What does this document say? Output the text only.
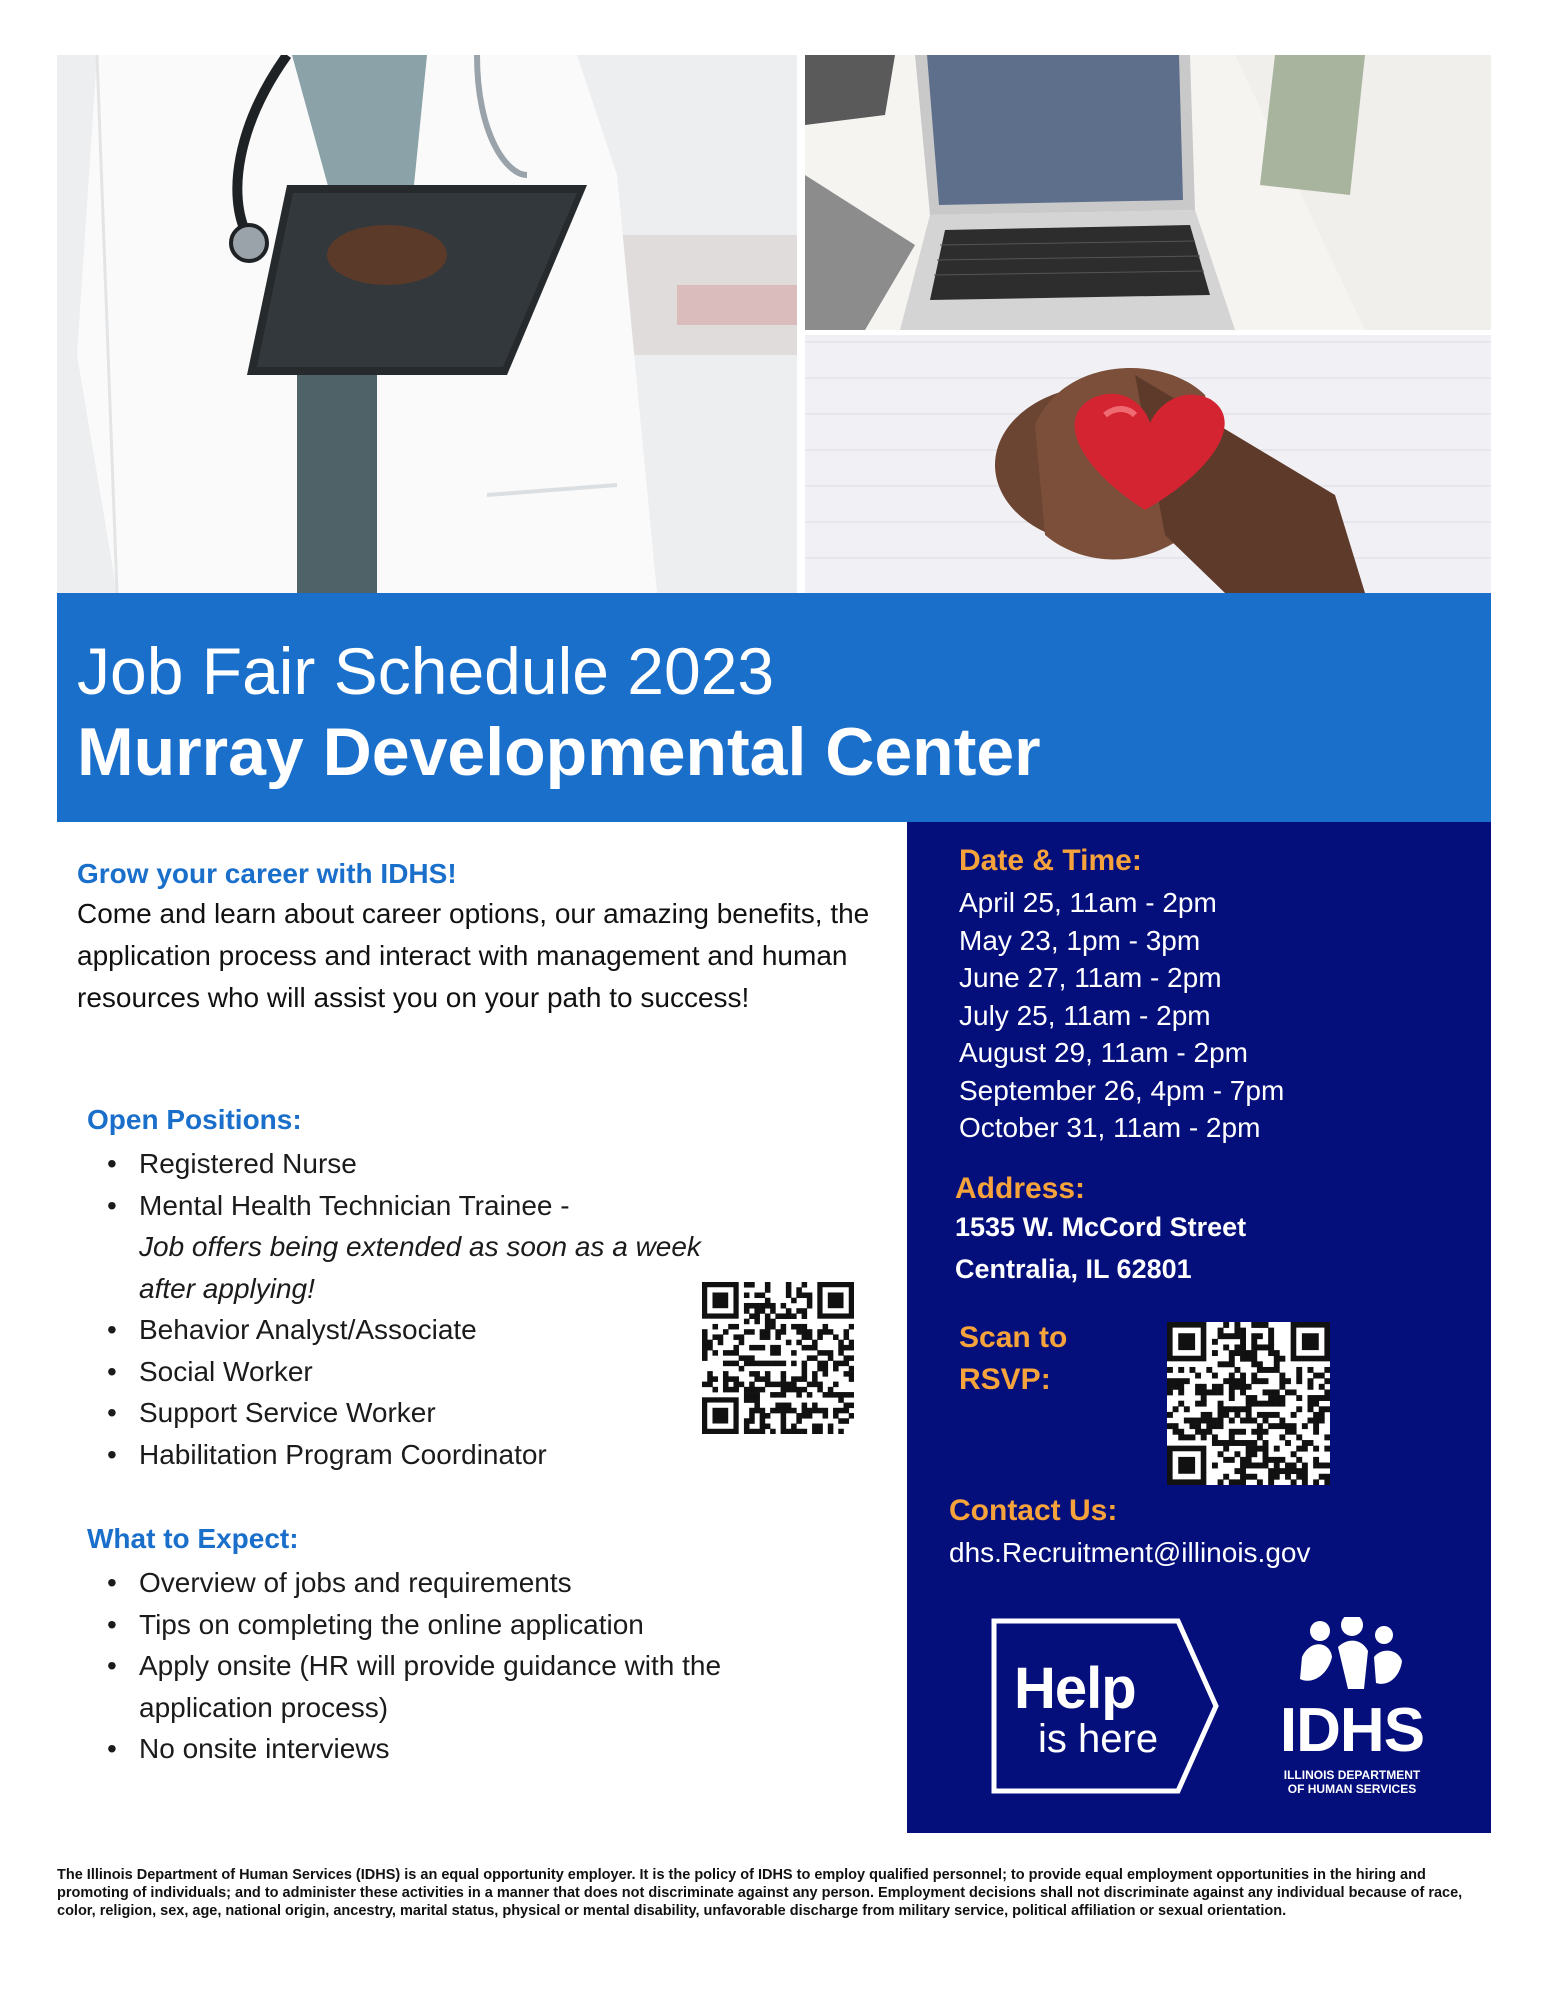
Job Fair Schedule 2023
Murray Developmental Center
Grow your career with IDHS!
Come and learn about career options, our amazing benefits, the application process and interact with management and human resources who will assist you on your path to success!
Open Positions:
• Registered Nurse
• Mental Health Technician Trainee -
Job offers being extended as soon as a week after applying!
• Behavior Analyst/Associate
• Social Worker
• Support Service Worker
• Habilitation Program Coordinator
What to Expect:
• Overview of jobs and requirements
• Tips on completing the online application
• Apply onsite (HR will provide guidance with the application process)
• No onsite interviews
Date & Time:
April 25, 11am - 2pm
May 23, 1pm - 3pm
June 27, 11am - 2pm
July 25, 11am - 2pm
August 29, 11am - 2pm
September 26, 4pm - 7pm
October 31, 11am - 2pm
Address:
1535 W. McCord Street
Centralia, IL 62801
Scan to RSVP:
Contact Us:
dhs.Recruitment@illinois.gov
Help
is here	IDHS
ILLINOIS DEPARTMENT
OF HUMAN SERVICES
The Illinois Department of Human Services (IDHS) is an equal opportunity employer. It is the policy of IDHS to employ qualified personnel; to provide equal employment opportunities in the hiring and promoting of individuals; and to administer these activities in a manner that does not discriminate against any person. Employment decisions shall not discriminate against any individual because of race, color, religion, sex, age, national origin, ancestry, marital status, physical or mental disability, unfavorable discharge from military service, political affiliation or sexual orientation.
